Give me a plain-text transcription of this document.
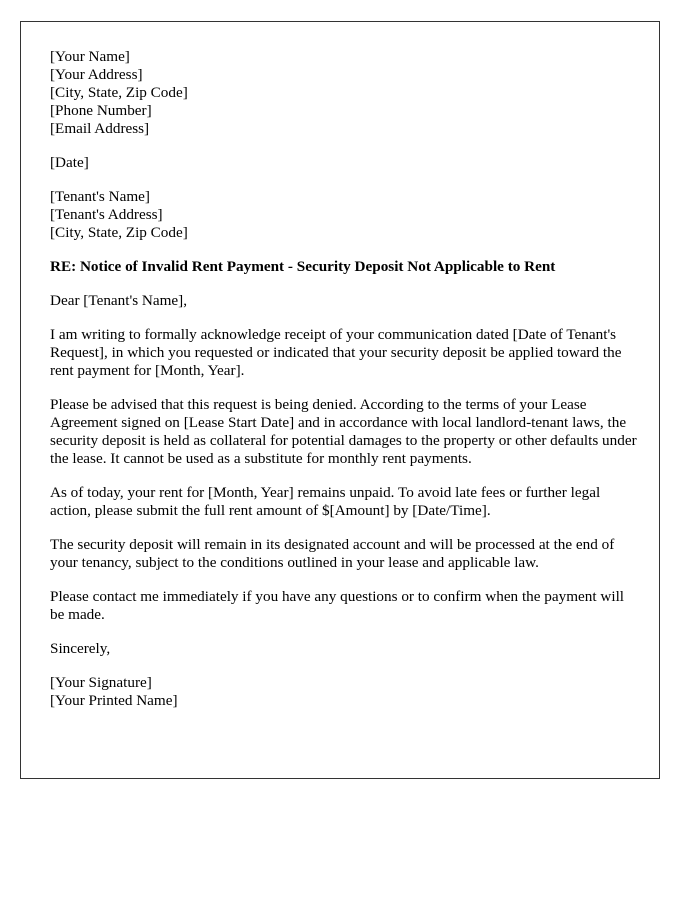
[Your Name]
[Your Address]
[City, State, Zip Code]
[Phone Number]
[Email Address]
[Date]
[Tenant's Name]
[Tenant's Address]
[City, State, Zip Code]
RE: Notice of Invalid Rent Payment - Security Deposit Not Applicable to Rent

Dear [Tenant's Name],

I am writing to formally acknowledge receipt of your communication dated [Date of Tenant's Request], in which you requested or indicated that your security deposit be applied toward the rent payment for [Month, Year].

Please be advised that this request is being denied. According to the terms of your Lease Agreement signed on [Lease Start Date] and in accordance with local landlord-tenant laws, the security deposit is held as collateral for potential damages to the property or other defaults under the lease. It cannot be used as a substitute for monthly rent payments.

As of today, your rent for [Month, Year] remains unpaid. To avoid late fees or further legal action, please submit the full rent amount of $[Amount] by [Date/Time].

The security deposit will remain in its designated account and will be processed at the end of your tenancy, subject to the conditions outlined in your lease and applicable law.

Please contact me immediately if you have any questions or to confirm when the payment will be made.

Sincerely,

[Your Signature]
[Your Printed Name]
